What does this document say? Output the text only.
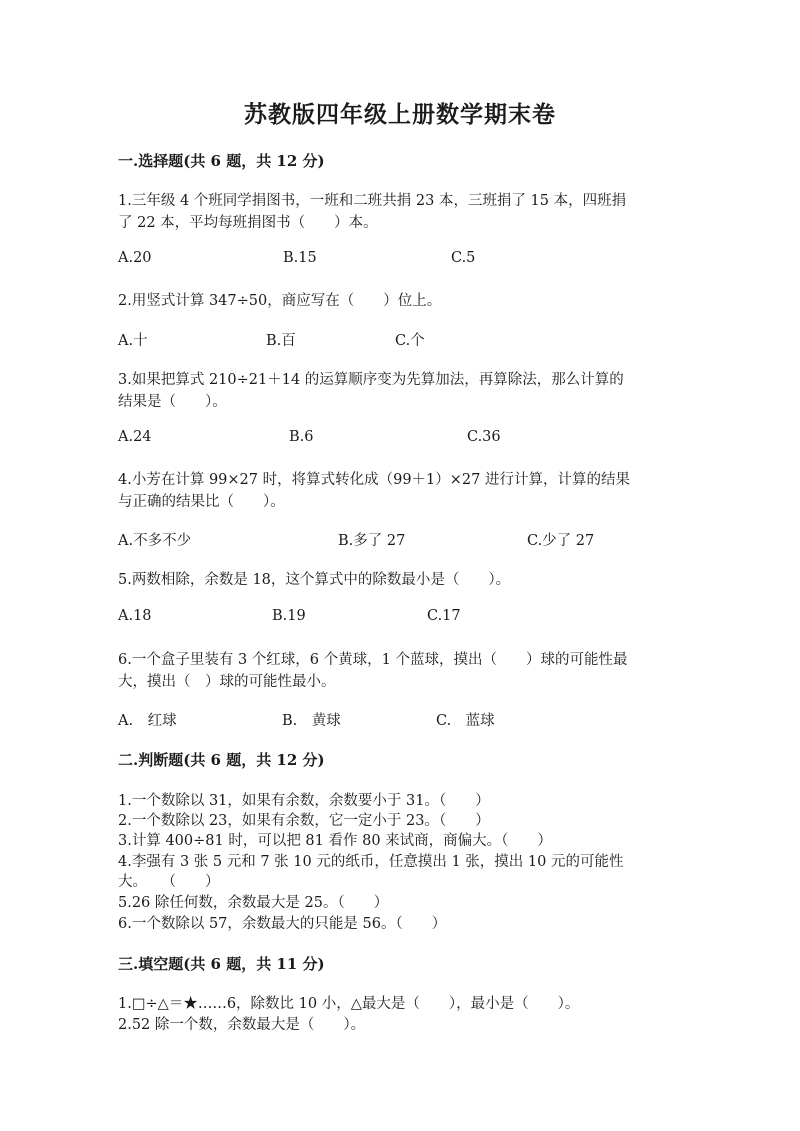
苏教版四年级上册数学期末卷
一.选择题(共 6 题，共 12 分)
1.三年级 4 个班同学捐图书，一班和二班共捐 23 本，三班捐了 15 本，四班捐
了 22 本，平均每班捐图书（　　）本。
A.20	B.15	C.5
2.用竖式计算 347÷50，商应写在（　　）位上。
A.十	B.百	C.个
3.如果把算式 210÷21＋14 的运算顺序变为先算加法，再算除法，那么计算的
结果是（　　）。
A.24	B.6	C.36
4.小芳在计算 99×27 时，将算式转化成（99＋1）×27 进行计算，计算的结果
与正确的结果比（　　）。
A.不多不少	B.多了 27	C.少了 27
5.两数相除，余数是 18，这个算式中的除数最小是（　　）。
A.18	B.19	C.17
6.一个盒子里装有 3 个红球，6 个黄球，1 个蓝球，摸出（　　）球的可能性最
大，摸出（　）球的可能性最小。
A.　红球	B.　黄球	C.　蓝球
二.判断题(共 6 题，共 12 分)
1.一个数除以 31，如果有余数，余数要小于 31。（　　）
2.一个数除以 23，如果有余数，它一定小于 23。（　　）
3.计算 400÷81 时，可以把 81 看作 80 来试商，商偏大。（　　）
4.李强有 3 张 5 元和 7 张 10 元的纸币，任意摸出 1 张，摸出 10 元的可能性
大。　　（　　）
5.26 除任何数，余数最大是 25。（　　）
6.一个数除以 57，余数最大的只能是 56。（　　）
三.填空题(共 6 题，共 11 分)
1.□÷△＝★……6，除数比 10 小，△最大是（　　），最小是（　　）。
2.52 除一个数，余数最大是（　　）。
